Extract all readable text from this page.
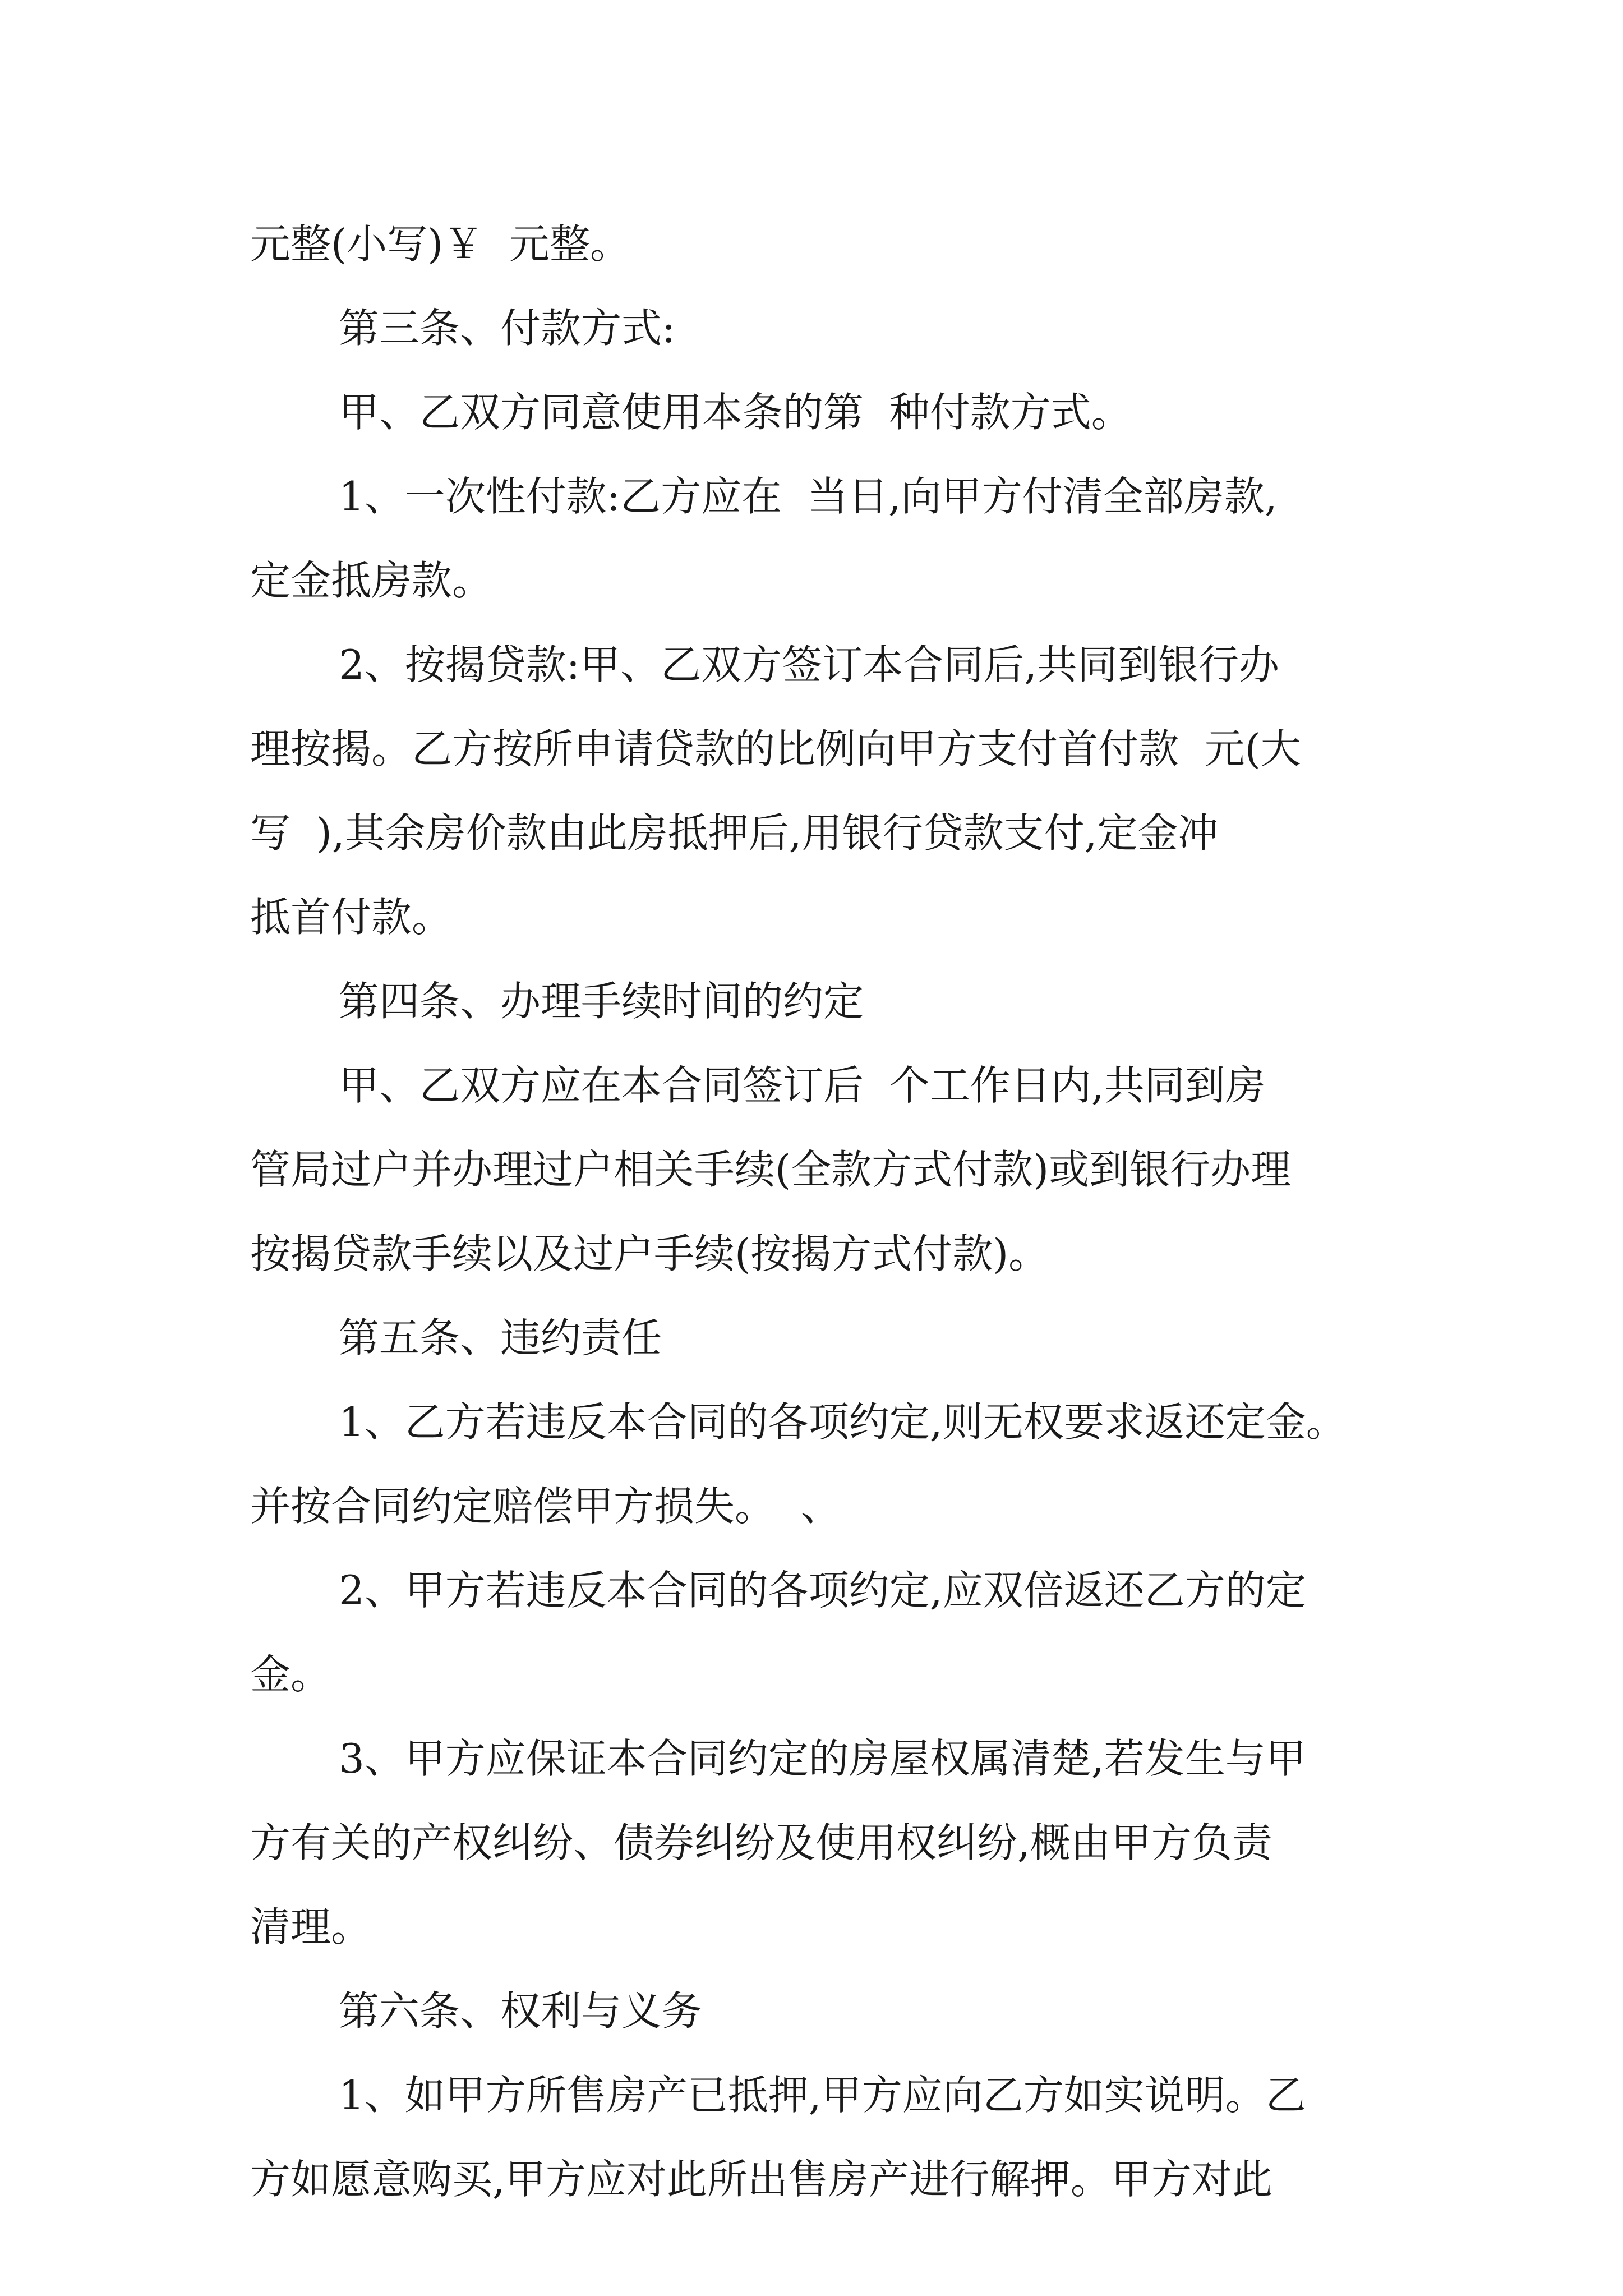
元整(小写)￥  元整。
第三条、付款方式:
甲、乙双方同意使用本条的第  种付款方式。
1、一次性付款:乙方应在  当日,向甲方付清全部房款,
定金抵房款。
2、按揭贷款:甲、乙双方签订本合同后,共同到银行办
理按揭。乙方按所申请贷款的比例向甲方支付首付款  元(大
写  ),其余房价款由此房抵押后,用银行贷款支付,定金冲
抵首付款。
第四条、办理手续时间的约定
甲、乙双方应在本合同签订后  个工作日内,共同到房
管局过户并办理过户相关手续(全款方式付款)或到银行办理
按揭贷款手续以及过户手续(按揭方式付款)。
第五条、违约责任
1、乙方若违反本合同的各项约定,则无权要求返还定金。
并按合同约定赔偿甲方损失。  、
2、甲方若违反本合同的各项约定,应双倍返还乙方的定
金。
3、甲方应保证本合同约定的房屋权属清楚,若发生与甲
方有关的产权纠纷、债券纠纷及使用权纠纷,概由甲方负责
清理。
第六条、权利与义务
1、如甲方所售房产已抵押,甲方应向乙方如实说明。乙
方如愿意购买,甲方应对此所出售房产进行解押。甲方对此
